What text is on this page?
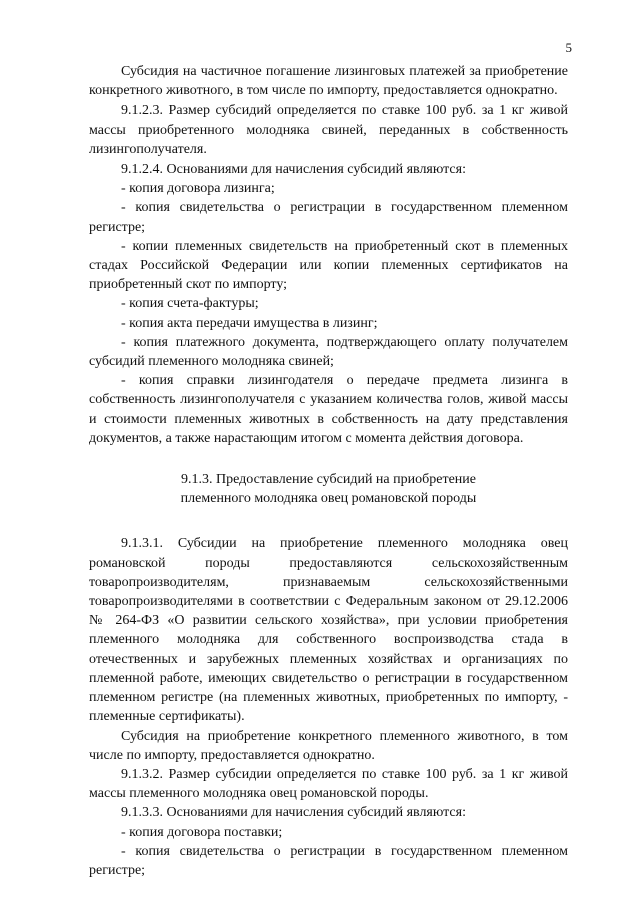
5

Субсидия на частичное погашение лизинговых платежей за приобретение конкретного животного, в том числе по импорту, предоставляется однократно.

9.1.2.3. Размер субсидий определяется по ставке 100 руб. за 1 кг живой массы приобретенного молодняка свиней, переданных в собственность лизингополучателя.

9.1.2.4. Основаниями для начисления субсидий являются:

- копия договора лизинга;

- копия свидетельства о регистрации в государственном племенном регистре;

- копии племенных свидетельств на приобретенный скот в племенных стадах Российской Федерации или копии племенных сертификатов на приобретенный скот по импорту;

- копия счета-фактуры;

- копия акта передачи имущества в лизинг;

- копия платежного документа, подтверждающего оплату получателем субсидий племенного молодняка свиней;

- копия справки лизингодателя о передаче предмета лизинга в собственность лизингополучателя с указанием количества голов, живой массы и стоимости племенных животных в собственность на дату представления документов, а также нарастающим итогом с момента действия договора.

9.1.3. Предоставление субсидий на приобретение
племенного молодняка овец романовской породы

9.1.3.1. Субсидии на приобретение племенного молодняка овец романовской породы предоставляются сельскохозяйственным товаропроизводителям, признаваемым сельскохозяйственными товаропроизводителями в соответствии с Федеральным законом от 29.12.2006 № 264-ФЗ «О развитии сельского хозяйства», при условии приобретения племенного молодняка для собственного воспроизводства стада в отечественных и зарубежных племенных хозяйствах и организациях по племенной работе, имеющих свидетельство о регистрации в государственном племенном регистре (на племенных животных, приобретенных по импорту, - племенные сертификаты).

Субсидия на приобретение конкретного племенного животного, в том числе по импорту, предоставляется однократно.

9.1.3.2. Размер субсидии определяется по ставке 100 руб. за 1 кг живой массы племенного молодняка овец романовской породы.

9.1.3.3. Основаниями для начисления субсидий являются:

- копия договора поставки;

- копия свидетельства о регистрации в государственном племенном регистре;
